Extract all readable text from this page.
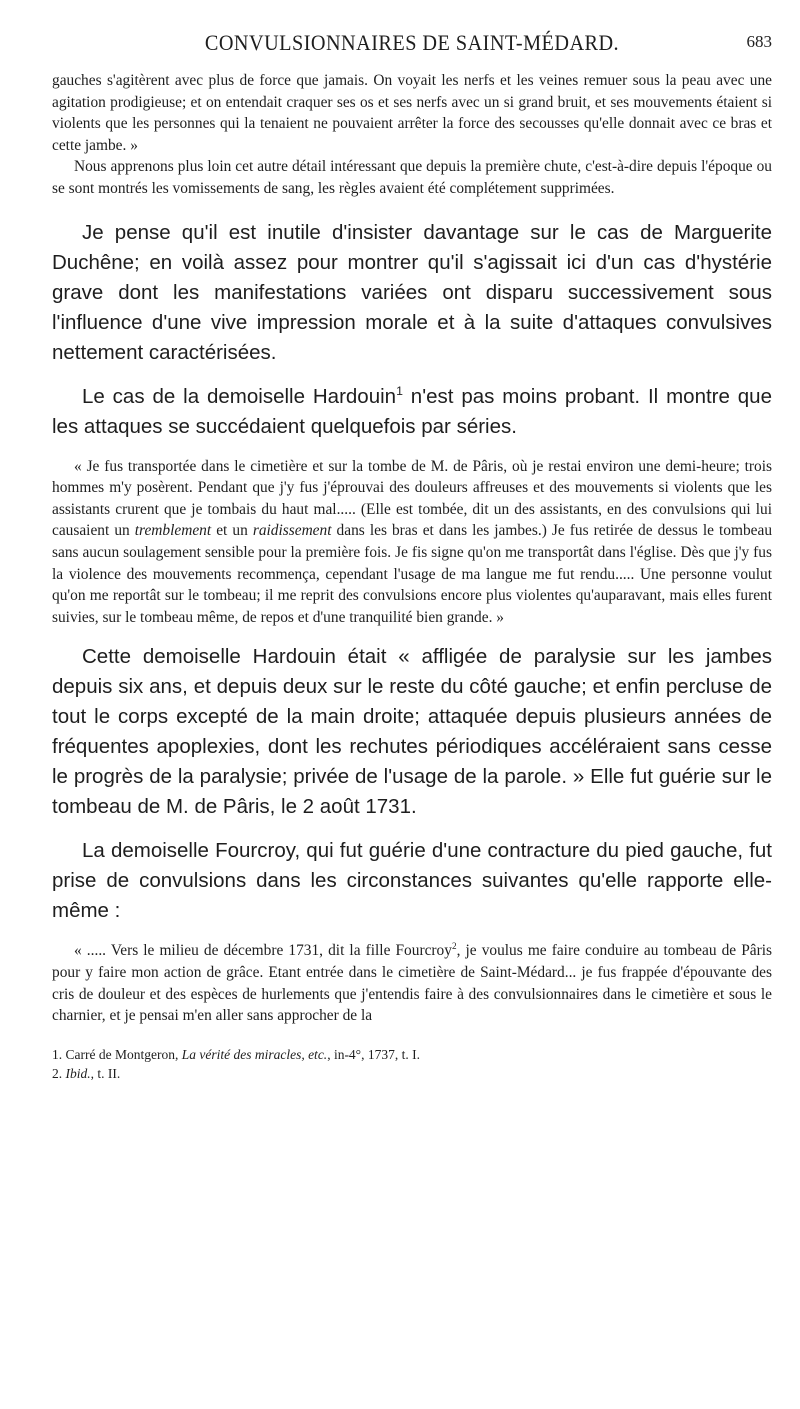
CONVULSIONNAIRES DE SAINT-MÉDARD.	683

gauches s'agitèrent avec plus de force que jamais. On voyait les nerfs et les veines remuer sous la peau avec une agitation prodigieuse; et on entendait craquer ses os et ses nerfs avec un si grand bruit, et ses mouvements étaient si violents que les personnes qui la tenaient ne pouvaient arrêter la force des secousses qu'elle donnait avec ce bras et cette jambe. »

Nous apprenons plus loin cet autre détail intéressant que depuis la première chute, c'est-à-dire depuis l'époque ou se sont montrés les vomissements de sang, les règles avaient été complétement supprimées.

Je pense qu'il est inutile d'insister davantage sur le cas de Marguerite Duchêne; en voilà assez pour montrer qu'il s'agissait ici d'un cas d'hystérie grave dont les manifestations variées ont disparu successivement sous l'influence d'une vive impression morale et à la suite d'attaques convulsives nettement caractérisées.

Le cas de la demoiselle Hardouin$^1$ n'est pas moins probant. Il montre que les attaques se succédaient quelquefois par séries.

« Je fus transportée dans le cimetière et sur la tombe de M. de Pâris, où je restai environ une demi-heure; trois hommes m'y posèrent. Pendant que j'y fus j'éprouvai des douleurs affreuses et des mouvements si violents que les assistants crurent que je tombais du haut mal..... (Elle est tombée, dit un des assistants, en des convulsions qui lui causaient un tremblement et un raidissement dans les bras et dans les jambes.) Je fus retirée de dessus le tombeau sans aucun soulagement sensible pour la première fois. Je fis signe qu'on me transportât dans l'église. Dès que j'y fus la violence des mouvements recommença, cependant l'usage de ma langue me fut rendu..... Une personne voulut qu'on me reportât sur le tombeau; il me reprit des convulsions encore plus violentes qu'auparavant, mais elles furent suivies, sur le tombeau même, de repos et d'une tranquilité bien grande. »

Cette demoiselle Hardouin était « affligée de paralysie sur les jambes depuis six ans, et depuis deux sur le reste du côté gauche; et enfin percluse de tout le corps excepté de la main droite; attaquée depuis plusieurs années de fréquentes apoplexies, dont les rechutes périodiques accéléraient sans cesse le progrès de la paralysie; privée de l'usage de la parole. » Elle fut guérie sur le tombeau de M. de Pâris, le 2 août 1731.

La demoiselle Fourcroy, qui fut guérie d'une contracture du pied gauche, fut prise de convulsions dans les circonstances suivantes qu'elle rapporte elle-même :

« ..... Vers le milieu de décembre 1731, dit la fille Fourcroy$^2$, je voulus me faire conduire au tombeau de Pâris pour y faire mon action de grâce. Etant entrée dans le cimetière de Saint-Médard... je fus frappée d'épouvante des cris de douleur et des espèces de hurlements que j'entendis faire à des convulsionnaires dans le cimetière et sous le charnier, et je pensai m'en aller sans approcher de la

1. Carré de Montgeron, La vérité des miracles, etc., in-4°, 1737, t. I.

2. Ibid., t. II.
